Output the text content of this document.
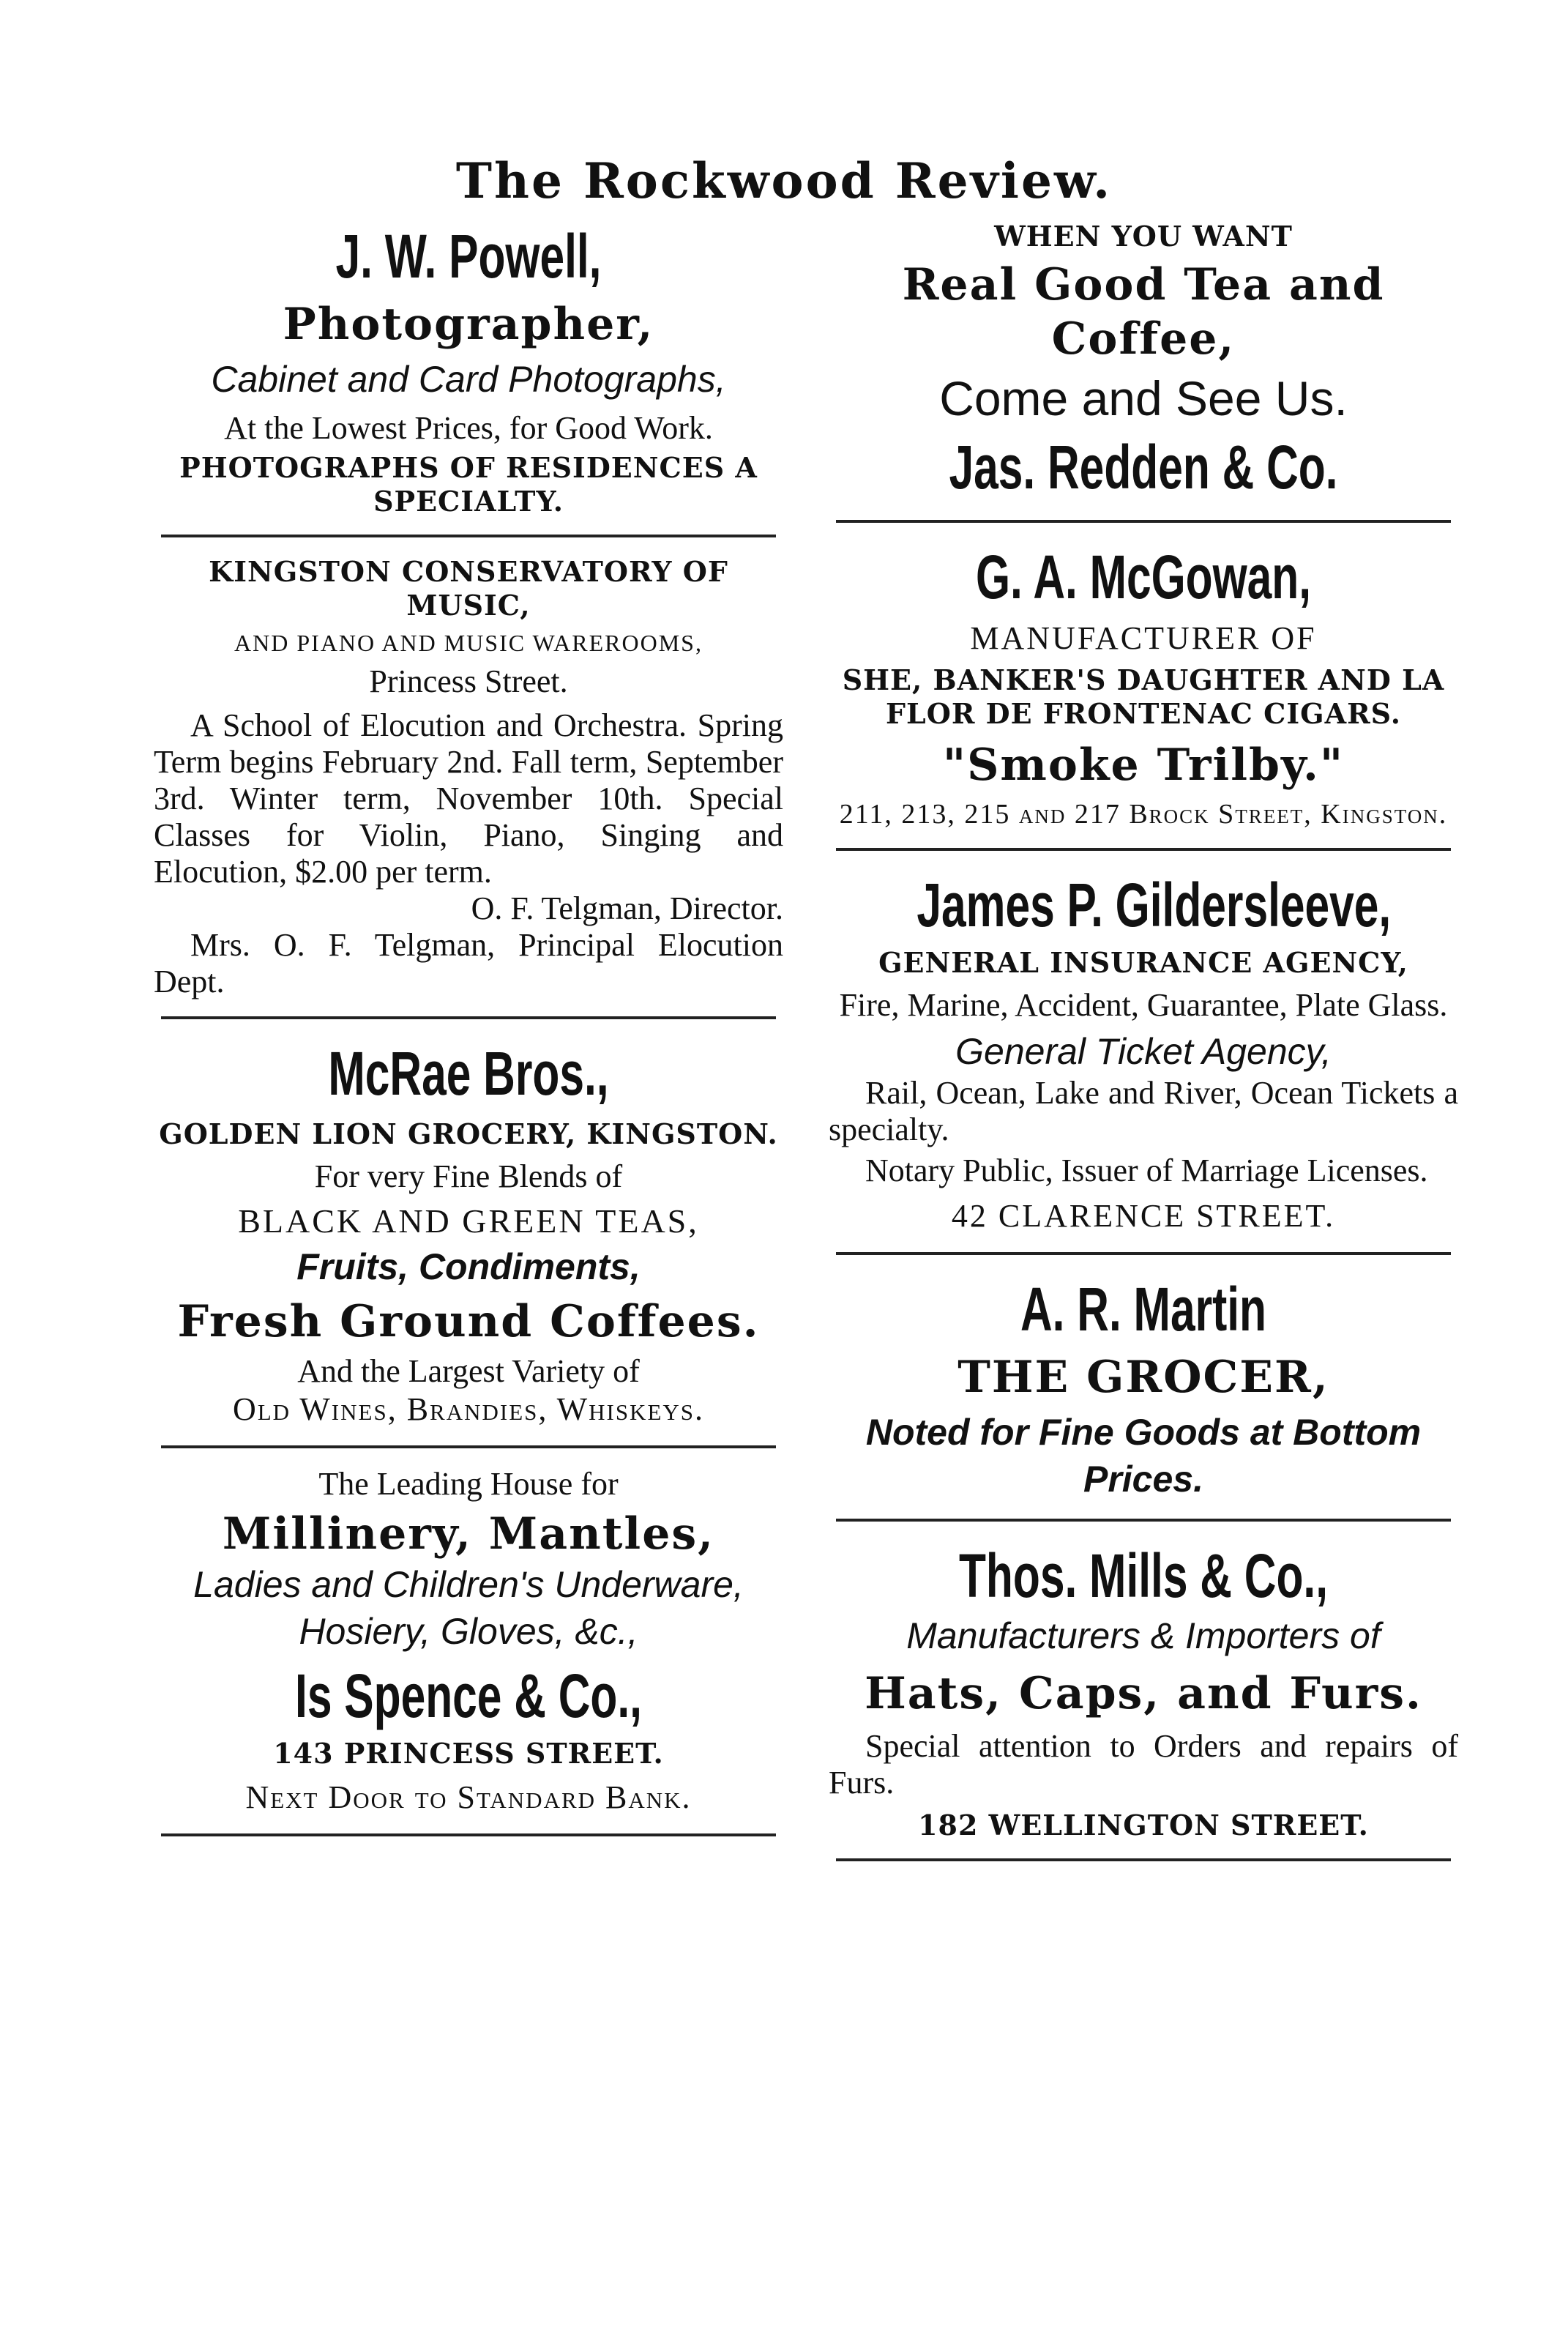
The Rockwood Review.

J. W. Powell,

Photographer,

Cabinet and Card Photographs,

At the Lowest Prices, for Good Work.

PHOTOGRAPHS OF RESIDENCES A SPECIALTY.

KINGSTON CONSERVATORY OF MUSIC,

AND PIANO AND MUSIC WAREROOMS,

Princess Street.

A School of Elocution and Orchestra. Spring Term begins February 2nd. Fall term, September 3rd. Winter term, November 10th. Special Classes for Violin, Piano, Singing and Elocution, $2.00 per term.

O. F. Telgman, Director.

Mrs. O. F. Telgman, Principal Elocution Dept.

McRae Bros.,

GOLDEN LION GROCERY, KINGSTON.

For very Fine Blends of

BLACK AND GREEN TEAS,

Fruits, Condiments,

Fresh Ground Coffees.

And the Largest Variety of

Old Wines, Brandies, Whiskeys.

The Leading House for

Millinery, Mantles,

Ladies and Children's Underware, Hosiery, Gloves, &c.,

Is Spence & Co.,

143 PRINCESS STREET.

Next Door to Standard Bank.

WHEN YOU WANT

Real Good Tea and Coffee,

Come and See Us.

Jas. Redden & Co.

G. A. McGowan,

MANUFACTURER OF

SHE, BANKER'S DAUGHTER AND LA FLOR DE FRONTENAC CIGARS.

"Smoke Trilby."

211, 213, 215 and 217 Brock Street, Kingston.

James P. Gildersleeve,

GENERAL INSURANCE AGENCY,

Fire, Marine, Accident, Guarantee, Plate Glass.

General Ticket Agency,

Rail, Ocean, Lake and River, Ocean Tickets a specialty.

Notary Public, Issuer of Marriage Licenses.

42 CLARENCE STREET.

A. R. Martin

THE GROCER,

Noted for Fine Goods at Bottom Prices.

Thos. Mills & Co.,

Manufacturers & Importers of

Hats, Caps, and Furs.

Special attention to Orders and repairs of Furs.

182 WELLINGTON STREET.
